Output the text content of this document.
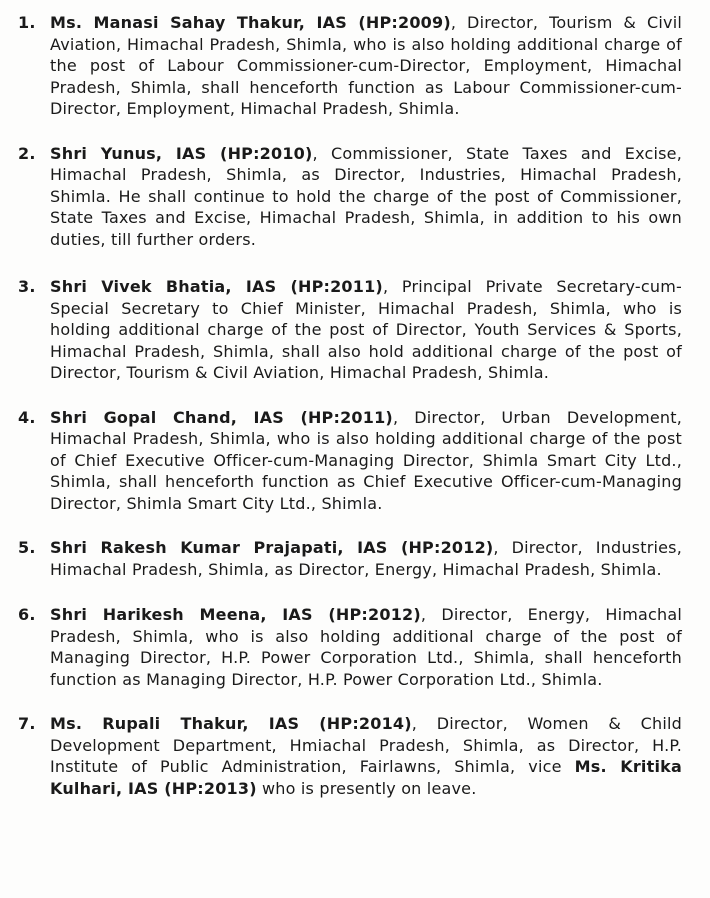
1. Ms. Manasi Sahay Thakur, IAS (HP:2009), Director, Tourism & Civil Aviation, Himachal Pradesh, Shimla, who is also holding additional charge of the post of Labour Commissioner-cum-Director, Employment, Himachal Pradesh, Shimla, shall henceforth function as Labour Commissioner-cum-Director, Employment, Himachal Pradesh, Shimla.
2. Shri Yunus, IAS (HP:2010), Commissioner, State Taxes and Excise, Himachal Pradesh, Shimla, as Director, Industries, Himachal Pradesh, Shimla. He shall continue to hold the charge of the post of Commissioner, State Taxes and Excise, Himachal Pradesh, Shimla, in addition to his own duties, till further orders.
3. Shri Vivek Bhatia, IAS (HP:2011), Principal Private Secretary-cum-Special Secretary to Chief Minister, Himachal Pradesh, Shimla, who is holding additional charge of the post of Director, Youth Services & Sports, Himachal Pradesh, Shimla, shall also hold additional charge of the post of Director, Tourism & Civil Aviation, Himachal Pradesh, Shimla.
4. Shri Gopal Chand, IAS (HP:2011), Director, Urban Development, Himachal Pradesh, Shimla, who is also holding additional charge of the post of Chief Executive Officer-cum-Managing Director, Shimla Smart City Ltd., Shimla, shall henceforth function as Chief Executive Officer-cum-Managing Director, Shimla Smart City Ltd., Shimla.
5. Shri Rakesh Kumar Prajapati, IAS (HP:2012), Director, Industries, Himachal Pradesh, Shimla, as Director, Energy, Himachal Pradesh, Shimla.
6. Shri Harikesh Meena, IAS (HP:2012), Director, Energy, Himachal Pradesh, Shimla, who is also holding additional charge of the post of Managing Director, H.P. Power Corporation Ltd., Shimla, shall henceforth function as Managing Director, H.P. Power Corporation Ltd., Shimla.
7. Ms. Rupali Thakur, IAS (HP:2014), Director, Women & Child Development Department, Hmiachal Pradesh, Shimla, as Director, H.P. Institute of Public Administration, Fairlawns, Shimla, vice Ms. Kritika Kulhari, IAS (HP:2013) who is presently on leave.
